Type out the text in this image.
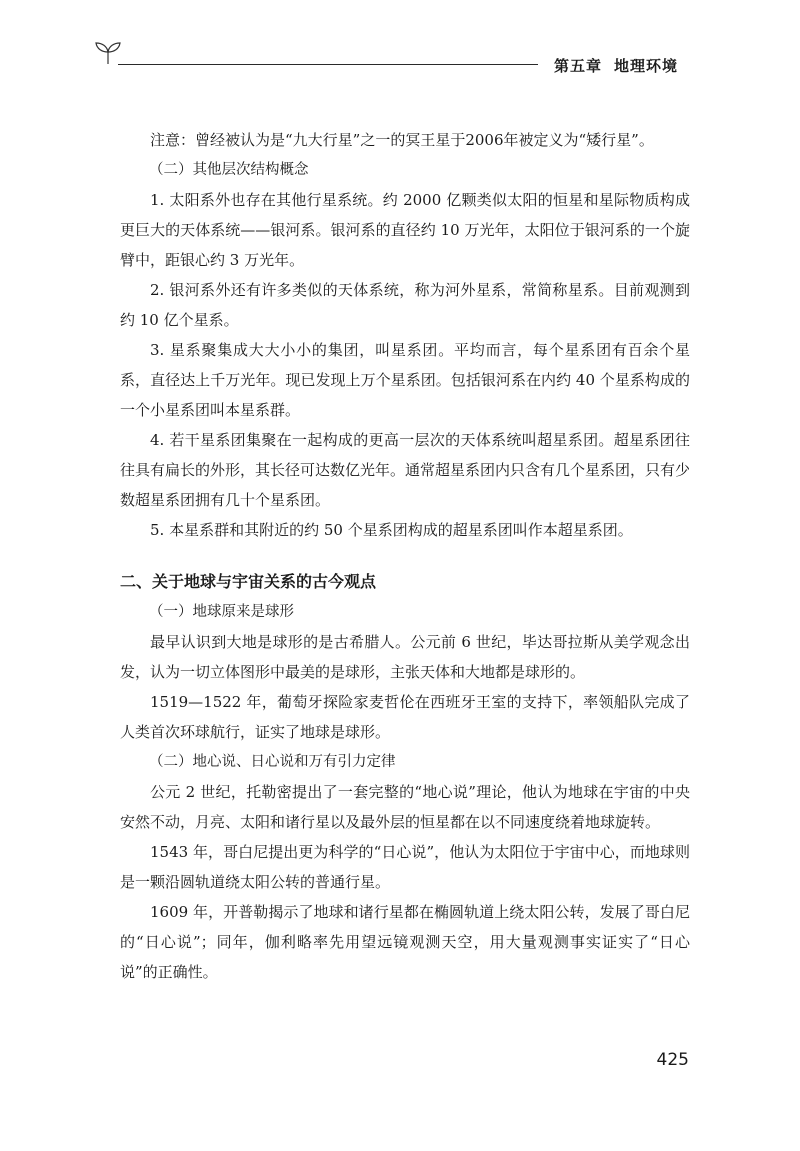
第五章 地理环境

注意：曾经被认为是“九大行星”之一的冥王星于2006年被定义为“矮行星”。

（二）其他层次结构概念

1. 太阳系外也存在其他行星系统。约 2000 亿颗类似太阳的恒星和星际物质构成更巨大的天体系统——银河系。银河系的直径约 10 万光年，太阳位于银河系的一个旋臂中，距银心约 3 万光年。

2. 银河系外还有许多类似的天体系统，称为河外星系，常简称星系。目前观测到约 10 亿个星系。

3. 星系聚集成大大小小的集团，叫星系团。平均而言，每个星系团有百余个星系，直径达上千万光年。现已发现上万个星系团。包括银河系在内约 40 个星系构成的一个小星系团叫本星系群。

4. 若干星系团集聚在一起构成的更高一层次的天体系统叫超星系团。超星系团往往具有扁长的外形，其长径可达数亿光年。通常超星系团内只含有几个星系团，只有少数超星系团拥有几十个星系团。

5. 本星系群和其附近的约 50 个星系团构成的超星系团叫作本超星系团。

二、关于地球与宇宙关系的古今观点

（一）地球原来是球形

最早认识到大地是球形的是古希腊人。公元前 6 世纪，毕达哥拉斯从美学观念出发，认为一切立体图形中最美的是球形，主张天体和大地都是球形的。

1519—1522 年，葡萄牙探险家麦哲伦在西班牙王室的支持下，率领船队完成了人类首次环球航行，证实了地球是球形。

（二）地心说、日心说和万有引力定律

公元 2 世纪，托勒密提出了一套完整的“地心说”理论，他认为地球在宇宙的中央安然不动，月亮、太阳和诸行星以及最外层的恒星都在以不同速度绕着地球旋转。

1543 年，哥白尼提出更为科学的“日心说”，他认为太阳位于宇宙中心，而地球则是一颗沿圆轨道绕太阳公转的普通行星。

1609 年，开普勒揭示了地球和诸行星都在椭圆轨道上绕太阳公转，发展了哥白尼的“日心说”；同年，伽利略率先用望远镜观测天空，用大量观测事实证实了“日心说”的正确性。

425
